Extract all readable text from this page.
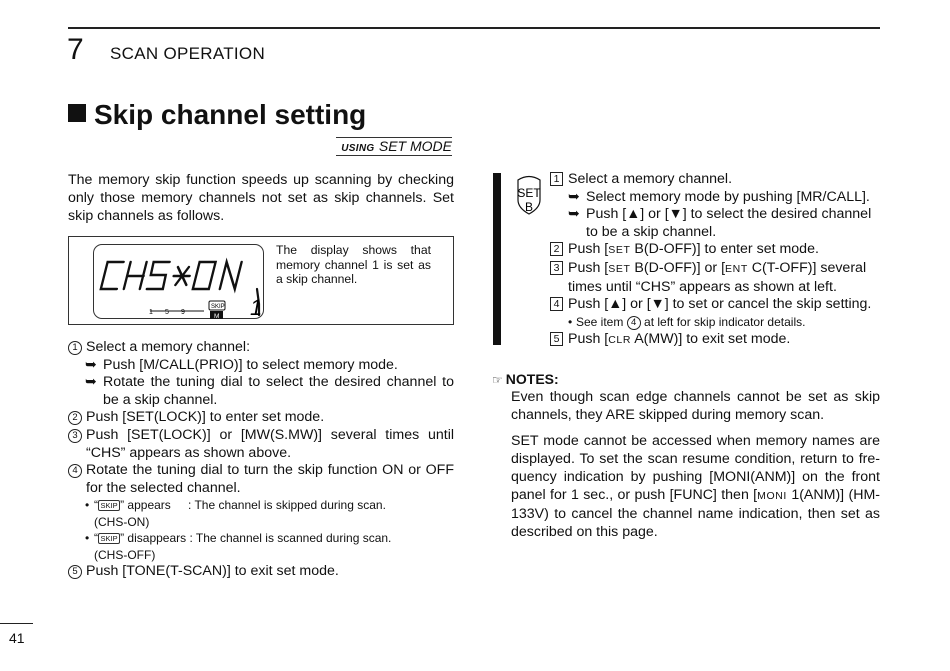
7 SCAN OPERATION
Skip channel setting
USING SET MODE
The memory skip function speeds up scanning by checking only those memory channels not set as skip channels. Set skip channels as follows.
1 5 9
SKIP
M 1
CHS-ON	The display shows that memory channel 1 is set as a skip channel.
1 Select a memory channel:
➥ Push [M/CALL(PRIO)] to select memory mode.
➥ Rotate the tuning dial to select the desired channel to be a skip channel.
2 Push [SET(LOCK)] to enter set mode.
3 Push [SET(LOCK)] or [MW(S.MW)] several times until “CHS” appears as shown above.
4 Rotate the tuning dial to turn the skip function ON or OFF for the selected channel.
• “ SKIP ” appears : The channel is skipped during scan.

(CHS-ON)
• “ SKIP ” disappears : The channel is scanned during scan.
(CHS-OFF)
5 Push [TONE(T-SCAN)] to exit set mode.
SET
B
1 Select a memory channel.
➥ Select memory mode by pushing [MR/CALL].
➥ Push [▲] or [▼] to select the desired channel to be a skip channel.
2 Push [SET B(D-OFF)] to enter set mode.
3 Push [SET B(D-OFF)] or [ENT C(T-OFF)] several times until “CHS” appears as shown at left.
4 Push [▲] or [▼] to set or cancel the skip setting.
• See item 4 at left for skip indicator details.
5 Push [CLR A(MW)] to exit set mode.
☞ NOTES:
Even though scan edge channels cannot be set as skip channels, they ARE skipped during memory scan.
SET mode cannot be accessed when memory names are displayed. To set the scan resume condition, return to fre-quency indication by pushing [MONI(ANM)] on the front panel for 1 sec., or push [FUNC] then [MONI 1(ANM)] (HM-133V) to cancel the channel name indication, then set as described on this page.
41
